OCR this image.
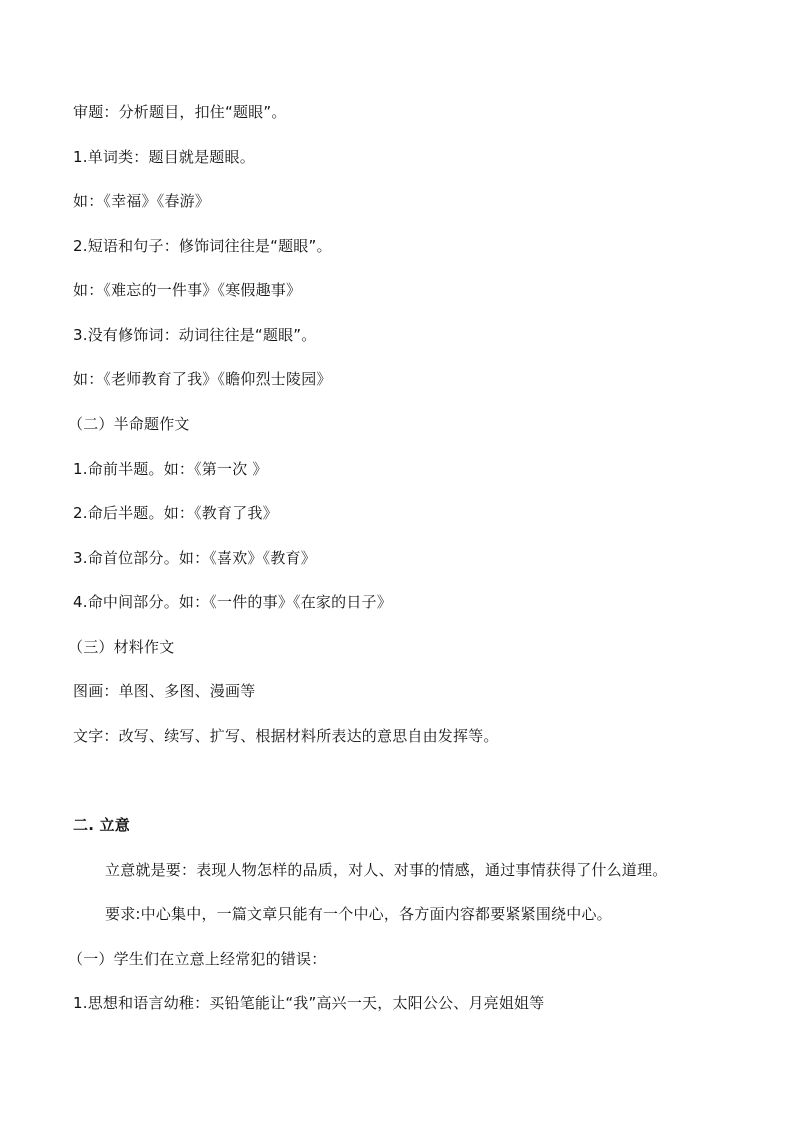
审题：分析题目，扣住“题眼”。
1.单词类：题目就是题眼。
如：《幸福》《春游》
2.短语和句子：修饰词往往是“题眼”。
如：《难忘的一件事》《寒假趣事》
3.没有修饰词：动词往往是“题眼”。
如：《老师教育了我》《瞻仰烈士陵园》
（二）半命题作文
1.命前半题。如：《第一次 》
2.命后半题。如：《教育了我》
3.命首位部分。如：《喜欢》《教育》
4.命中间部分。如：《一件的事》《在家的日子》
（三）材料作文
图画：单图、多图、漫画等
文字：改写、续写、扩写、根据材料所表达的意思自由发挥等。
二. 立意
立意就是要：表现人物怎样的品质，对人、对事的情感，通过事情获得了什么道理。
要求:中心集中，一篇文章只能有一个中心，各方面内容都要紧紧围绕中心。
（一）学生们在立意上经常犯的错误：
1.思想和语言幼稚：买铅笔能让“我”高兴一天，太阳公公、月亮姐姐等
